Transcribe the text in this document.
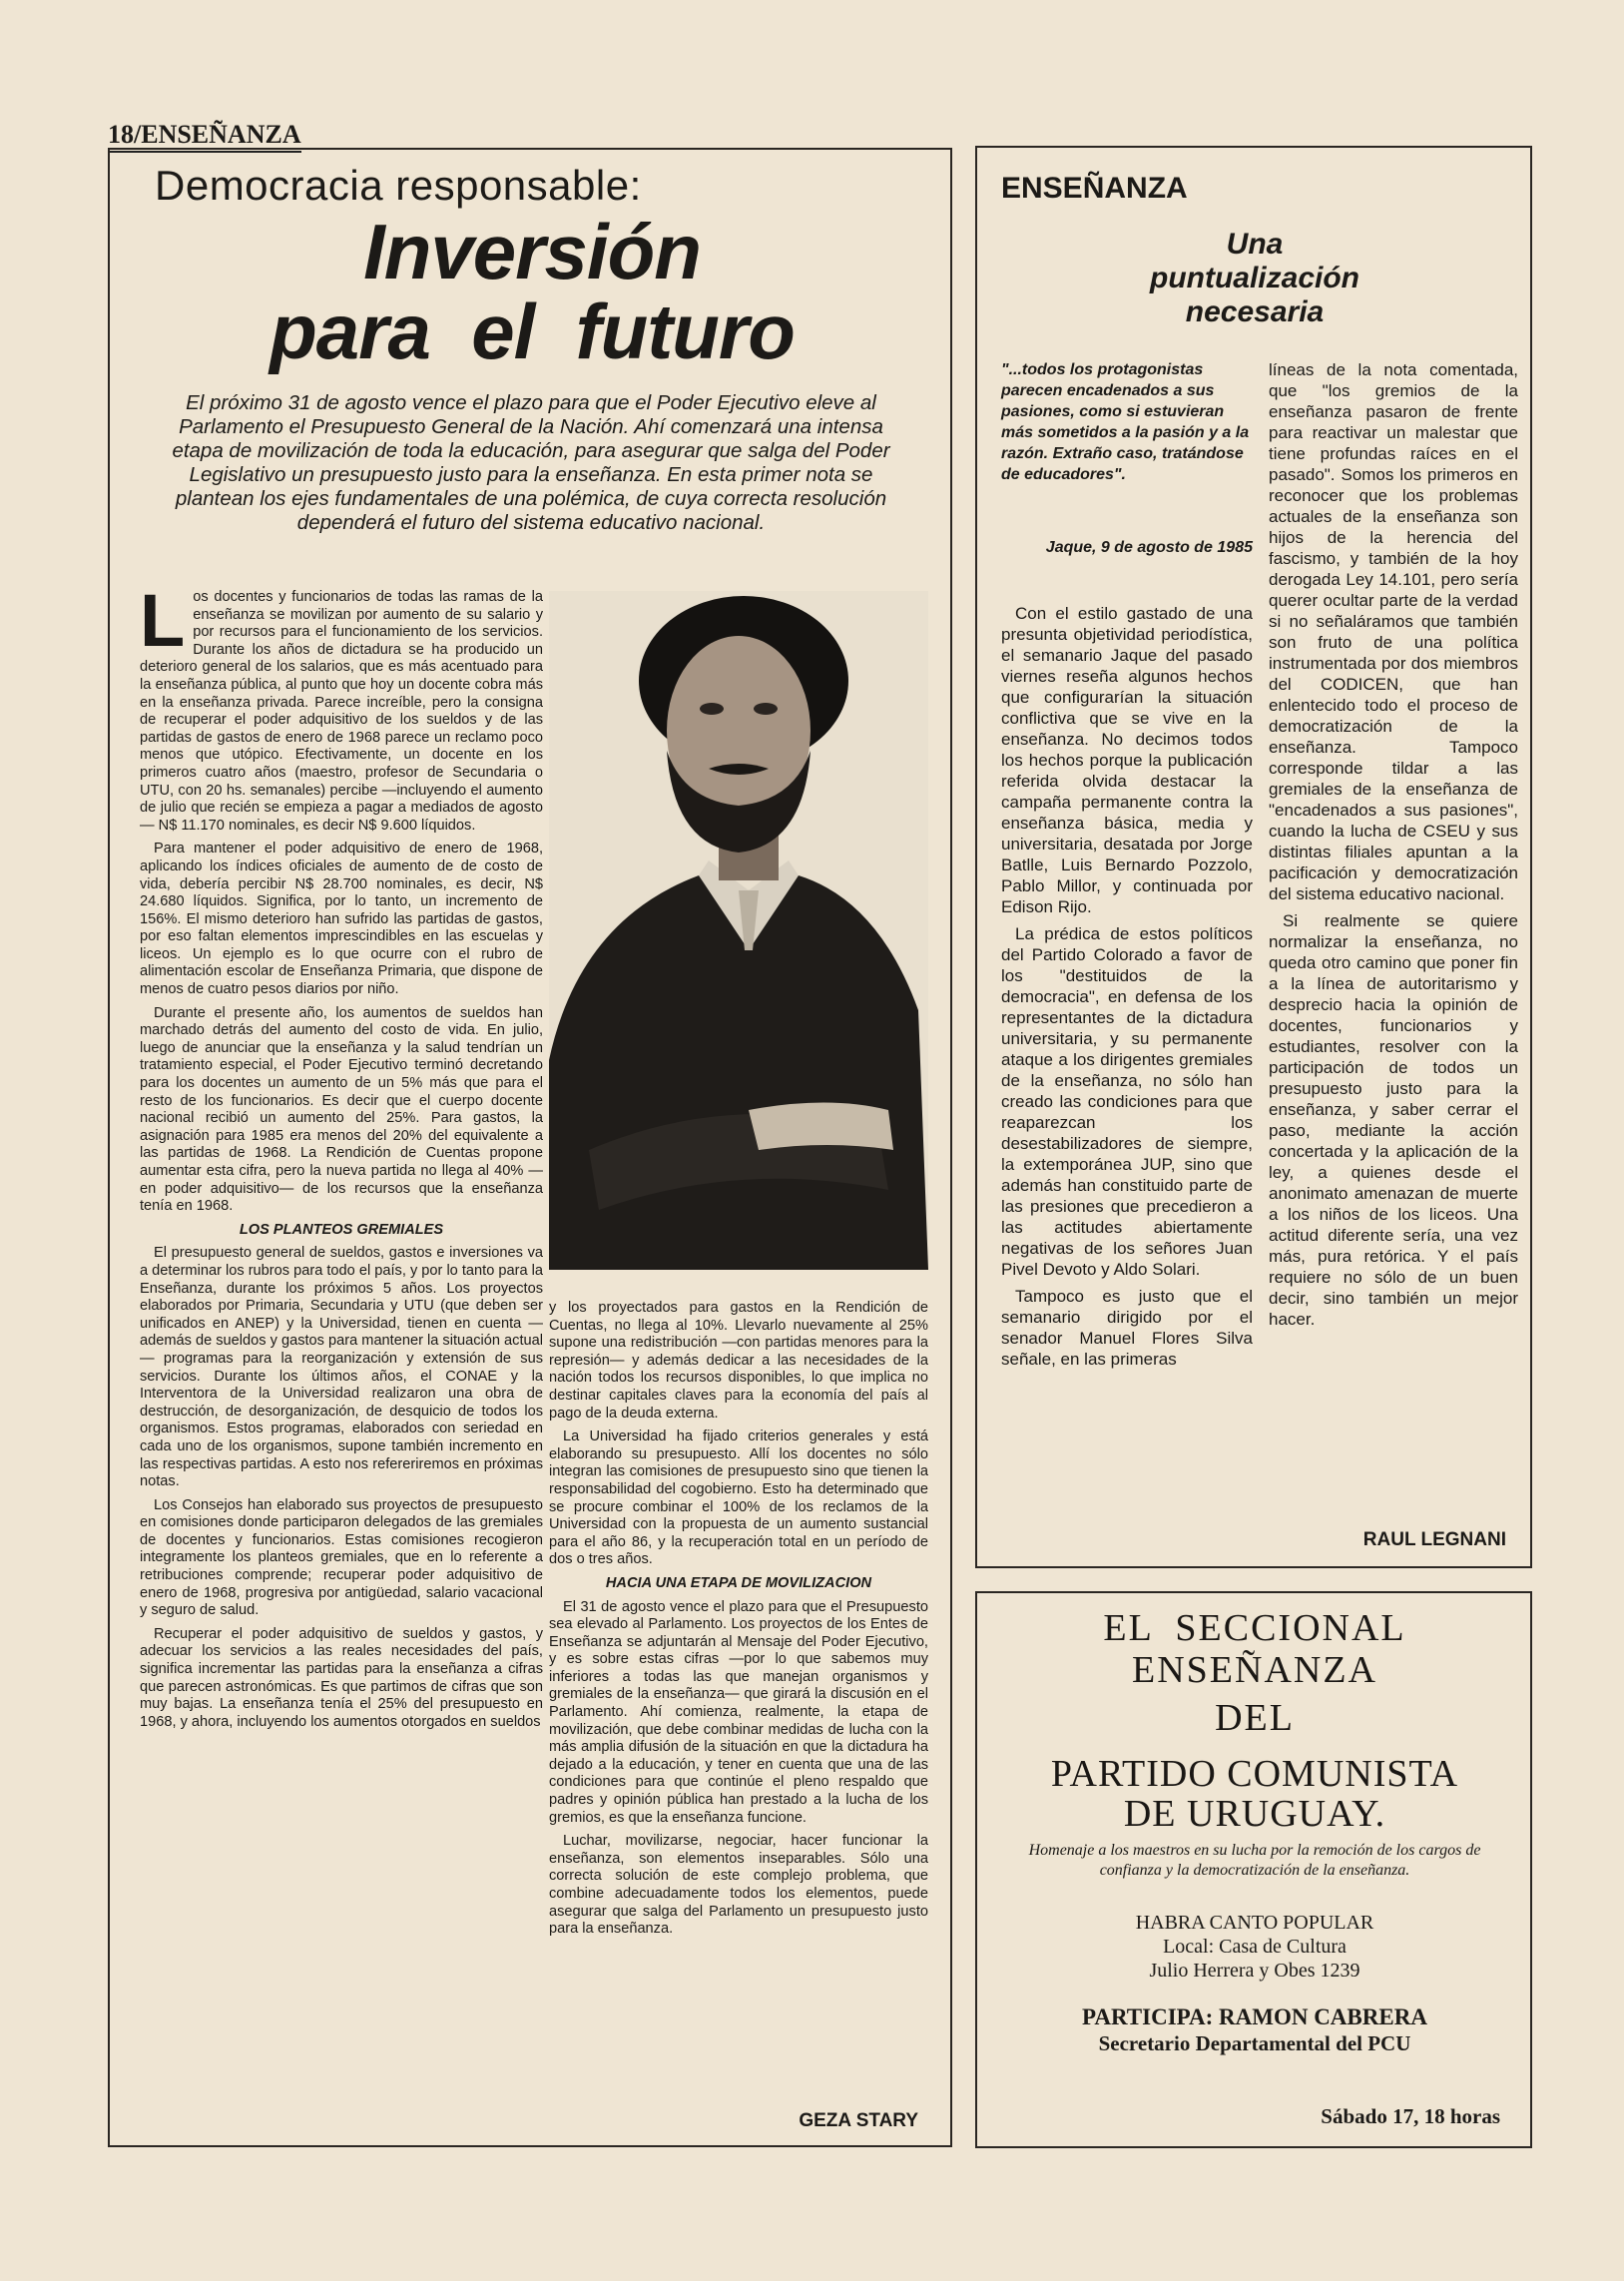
18/ENSEÑANZA
Democracia responsable:
Inversión
para  el  futuro
El próximo 31 de agosto vence el plazo para que el Poder Ejecutivo eleve al Parlamento el Presupuesto General de la Nación. Ahí comenzará una intensa etapa de movilización de toda la educación, para asegurar que salga del Poder Legislativo un presupuesto justo para la enseñanza. En esta primer nota se plantean los ejes fundamentales de una polémica, de cuya correcta resolución dependerá el futuro del sistema educativo nacional.

Los docentes y funcionarios de todas las ramas de la enseñanza se movilizan por aumento de su salario y por recursos para el funcionamiento de los servicios. Durante los años de dictadura se ha producido un deterioro general de los salarios, que es más acentuado para la enseñanza pública, al punto que hoy un docente cobra más en la enseñanza privada. Parece increíble, pero la consigna de recuperar el poder adquisitivo de los sueldos y de las partidas de gastos de enero de 1968 parece un reclamo poco menos que utópico. Efectivamente, un docente en los primeros cuatro años (maestro, profesor de Secundaria o UTU, con 20 hs. semanales) percibe —incluyendo el aumento de julio que recién se empieza a pagar a mediados de agosto— N$ 11.170 nominales, es decir N$ 9.600 líquidos.

Para mantener el poder adquisitivo de enero de 1968, aplicando los índices oficiales de aumento de de costo de vida, debería percibir N$ 28.700 nominales, es decir, N$ 24.680 líquidos. Significa, por lo tanto, un incremento de 156%. El mismo deterioro han sufrido las partidas de gastos, por eso faltan elementos imprescindibles en las escuelas y liceos. Un ejemplo es lo que ocurre con el rubro de alimentación escolar de Enseñanza Primaria, que dispone de menos de cuatro pesos diarios por niño.

Durante el presente año, los aumentos de sueldos han marchado detrás del aumento del costo de vida. En julio, luego de anunciar que la enseñanza y la salud tendrían un tratamiento especial, el Poder Ejecutivo terminó decretando para los docentes un aumento de un 5% más que para el resto de los funcionarios. Es decir que el cuerpo docente nacional recibió un aumento del 25%. Para gastos, la asignación para 1985 era menos del 20% del equivalente a las partidas de 1968. La Rendición de Cuentas propone aumentar esta cifra, pero la nueva partida no llega al 40% —en poder adquisitivo— de los recursos que la enseñanza tenía en 1968.

LOS PLANTEOS GREMIALES

El presupuesto general de sueldos, gastos e inversiones va a determinar los rubros para todo el país, y por lo tanto para la Enseñanza, durante los próximos 5 años. Los proyectos elaborados por Primaria, Secundaria y UTU (que deben ser unificados en ANEP) y la Universidad, tienen en cuenta —además de sueldos y gastos para mantener la situación actual— programas para la reorganización y extensión de sus servicios. Durante los últimos años, el CONAE y la Interventora de la Universidad realizaron una obra de destrucción, de desorganización, de desquicio de todos los organismos. Estos programas, elaborados con seriedad en cada uno de los organismos, supone también incremento en las respectivas partidas. A esto nos refereriremos en próximas notas.

Los Consejos han elaborado sus proyectos de presupuesto en comisiones donde participaron delegados de las gremiales de docentes y funcionarios. Estas comisiones recogieron integramente los planteos gremiales, que en lo referente a retribuciones comprende; recuperar poder adquisitivo de enero de 1968, progresiva por antigüedad, salario vacacional y seguro de salud.

Recuperar el poder adquisitivo de sueldos y gastos, y adecuar los servicios a las reales necesidades del país, significa incrementar las partidas para la enseñanza a cifras que parecen astronómicas. Es que partimos de cifras que son muy bajas. La enseñanza tenía el 25% del presupuesto en 1968, y ahora, incluyendo los aumentos otorgados en sueldos

y los proyectados para gastos en la Rendición de Cuentas, no llega al 10%. Llevarlo nuevamente al 25% supone una redistribución —con partidas menores para la represión— y además dedicar a las necesidades de la nación todos los recursos disponibles, lo que implica no destinar capitales claves para la economía del país al pago de la deuda externa.

La Universidad ha fijado criterios generales y está elaborando su presupuesto. Allí los docentes no sólo integran las comisiones de presupuesto sino que tienen la responsabilidad del cogobierno. Esto ha determinado que se procure combinar el 100% de los reclamos de la Universidad con la propuesta de un aumento sustancial para el año 86, y la recuperación total en un período de dos o tres años.

HACIA UNA ETAPA DE MOVILIZACION

El 31 de agosto vence el plazo para que el Presupuesto sea elevado al Parlamento. Los proyectos de los Entes de Enseñanza se adjuntarán al Mensaje del Poder Ejecutivo, y es sobre estas cifras —por lo que sabemos muy inferiores a todas las que manejan organismos y gremiales de la enseñanza— que girará la discusión en el Parlamento. Ahí comienza, realmente, la etapa de movilización, que debe combinar medidas de lucha con la más amplia difusión de la situación en que la dictadura ha dejado a la educación, y tener en cuenta que una de las condiciones para que continúe el pleno respaldo que padres y opinión pública han prestado a la lucha de los gremios, es que la enseñanza funcione.

Luchar, movilizarse, negociar, hacer funcionar la enseñanza, son elementos inseparables. Sólo una correcta solución de este complejo problema, que combine adecuadamente todos los elementos, puede asegurar que salga del Parlamento un presupuesto justo para la enseñanza.

GEZA STARY
ENSEÑANZA
Una
puntualización
necesaria
"...todos los protagonistas parecen encadenados a sus pasiones, como si estuvieran más sometidos a la pasión y a la razón. Extraño caso, tratándose de educadores".
Jaque, 9 de agosto de 1985

Con el estilo gastado de una presunta objetividad periodística, el semanario Jaque del pasado viernes reseña algunos hechos que configurarían la situación conflictiva que se vive en la enseñanza. No decimos todos los hechos porque la publicación referida olvida destacar la campaña permanente contra la enseñanza básica, media y universitaria, desatada por Jorge Batlle, Luis Bernardo Pozzolo, Pablo Millor, y continuada por Edison Rijo.

La prédica de estos políticos del Partido Colorado a favor de los "destituidos de la democracia", en defensa de los representantes de la dictadura universitaria, y su permanente ataque a los dirigentes gremiales de la enseñanza, no sólo han creado las condiciones para que reaparezcan los desestabilizadores de siempre, la extemporánea JUP, sino que además han constituido parte de las presiones que precedieron a las actitudes abiertamente negativas de los señores Juan Pivel Devoto y Aldo Solari.

Tampoco es justo que el semanario dirigido por el senador Manuel Flores Silva señale, en las primeras

líneas de la nota comentada, que "los gremios de la enseñanza pasaron de frente para reactivar un malestar que tiene profundas raíces en el pasado". Somos los primeros en reconocer que los problemas actuales de la enseñanza son hijos de la herencia del fascismo, y también de la hoy derogada Ley 14.101, pero sería querer ocultar parte de la verdad si no señaláramos que también son fruto de una política instrumentada por dos miembros del CODICEN, que han enlentecido todo el proceso de democratización de la enseñanza. Tampoco corresponde tildar a las gremiales de la enseñanza de "encadenados a sus pasiones", cuando la lucha de CSEU y sus distintas filiales apuntan a la pacificación y democratización del sistema educativo nacional.

Si realmente se quiere normalizar la enseñanza, no queda otro camino que poner fin a la línea de autoritarismo y desprecio hacia la opinión de docentes, funcionarios y estudiantes, resolver con la participación de todos un presupuesto justo para la enseñanza, y saber cerrar el paso, mediante la acción concertada y la aplicación de la ley, a quienes desde el anonimato amenazan de muerte a los niños de los liceos. Una actitud diferente sería, una vez más, pura retórica. Y el país requiere no sólo de un buen decir, sino también un mejor hacer.

RAUL LEGNANI
EL  SECCIONAL
ENSEÑANZA
DEL
PARTIDO COMUNISTA
DE URUGUAY.
Homenaje a los maestros en su lucha por la remoción de los cargos de confianza y la democratización de la enseñanza.
HABRA CANTO POPULAR
Local: Casa de Cultura
Julio Herrera y Obes 1239
PARTICIPA: RAMON CABRERA
Secretario Departamental del PCU
Sábado 17, 18 horas
